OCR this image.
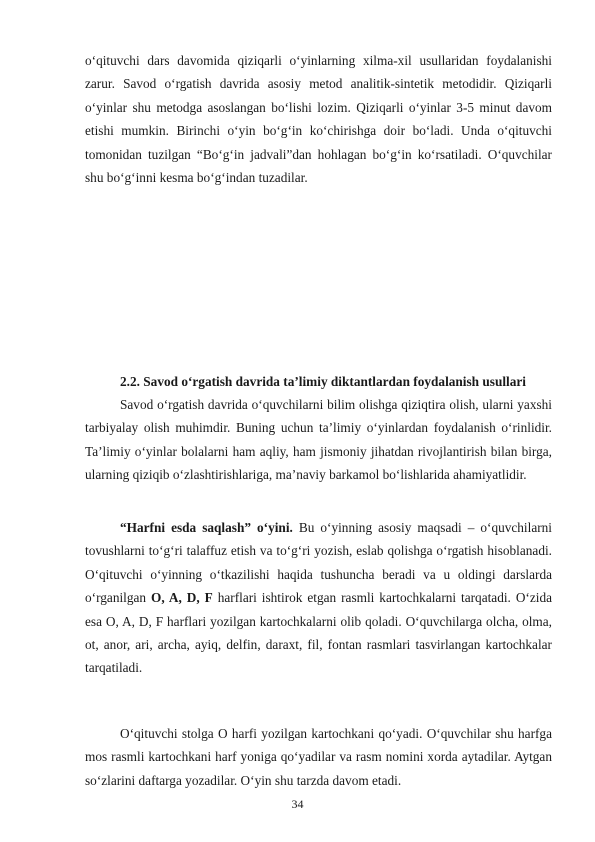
o‘qituvchi dars davomida qiziqarli o‘yinlarning xilma-xil usullaridan foydalanishi zarur. Savod o‘rgatish davrida asosiy metod analitik-sintetik metodidir. Qiziqarli o‘yinlar shu metodga asoslangan bo‘lishi lozim. Qiziqarli o‘yinlar 3-5 minut davom etishi mumkin. Birinchi o‘yin bo‘g‘in ko‘chirishga doir bo‘ladi. Unda o‘qituvchi tomonidan tuzilgan “Bo‘g‘in jadvali”dan hohlagan bo‘g‘in ko‘rsatiladi. O‘quvchilar shu bo‘g‘inni kesma bo‘g‘indan tuzadilar.

2.2. Savod o‘rgatish davrida ta’limiy diktantlardan foydalanish usullari

Savod o‘rgatish davrida o‘quvchilarni bilim olishga qiziqtira olish, ularni yaxshi tarbiyalay olish muhimdir. Buning uchun ta’limiy o‘yinlardan foydalanish o‘rinlidir. Ta’limiy o‘yinlar bolalarni ham aqliy, ham jismoniy jihatdan rivojlantirish bilan birga, ularning qiziqib o‘zlashtirishlariga, ma’naviy barkamol bo‘lishlarida ahamiyatlidir.

“Harfni esda saqlash” o‘yini. Bu o‘yinning asosiy maqsadi – o‘quvchilarni tovushlarni to‘g‘ri talaffuz etish va to‘g‘ri yozish, eslab qolishga o‘rgatish hisoblanadi. O‘qituvchi o‘yinning o‘tkazilishi haqida tushuncha beradi va u oldingi darslarda o‘rganilgan O, A, D, F harflari ishtirok etgan rasmli kartochkalarni tarqatadi. O‘zida esa O, A, D, F harflari yozilgan kartochkalarni olib qoladi. O‘quvchilarga olcha, olma, ot, anor, ari, archa, ayiq, delfin, daraxt, fil, fontan rasmlari tasvirlangan kartochkalar tarqatiladi.

O‘qituvchi stolga O harfi yozilgan kartochkani qo‘yadi. O‘quvchilar shu harfga mos rasmli kartochkani harf yoniga qo‘yadilar va rasm nomini xorda aytadilar. Aytgan so‘zlarini daftarga yozadilar. O‘yin shu tarzda davom etadi.

34
